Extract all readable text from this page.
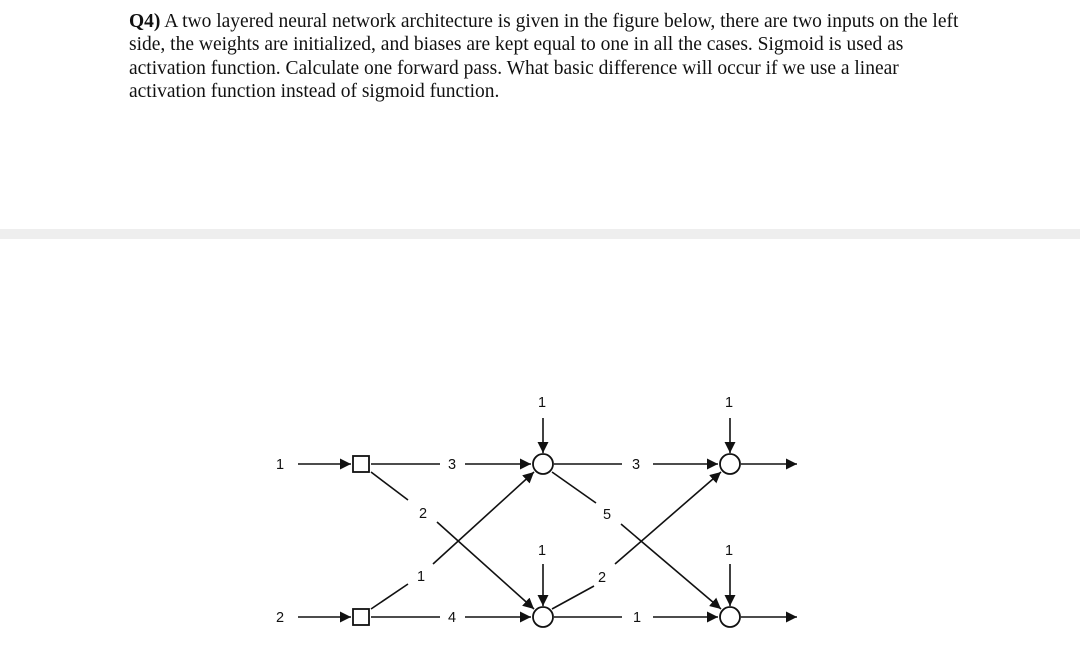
Q4) A two layered neural network architecture is given in the figure below, there are two inputs on the left side, the weights are initialized, and biases are kept equal to one in all the cases. Sigmoid is used as activation function. Calculate one forward pass. What basic difference will occur if we use a linear activation function instead of sigmoid function.

1
2
3
2
1
4
1
1
3
5
2
1
1
1
